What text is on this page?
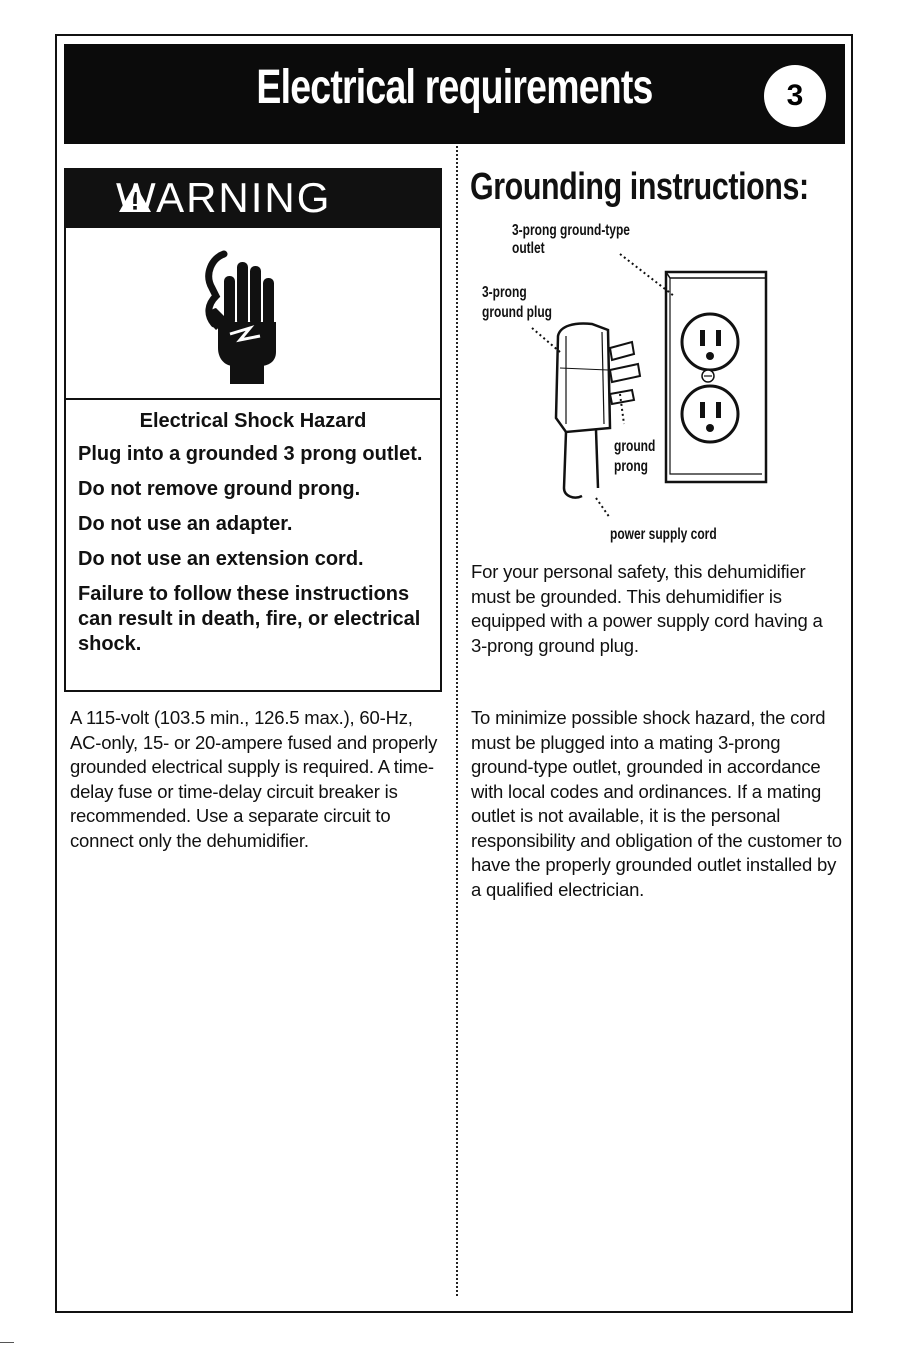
Electrical requirements	3
WARNING
Electrical Shock Hazard

Plug into a grounded 3 prong outlet.

Do not remove ground prong.

Do not use an adapter.

Do not use an extension cord.

Failure to follow these instructions can result in death, fire, or electrical shock.

A 115-volt (103.5 min., 126.5 max.), 60-Hz, AC-only, 15- or 20-ampere fused and properly grounded electrical supply is required. A time-delay fuse or time-delay circuit breaker is recommended. Use a separate circuit to connect only the dehumidifier.

Grounding instructions:
3-prong ground-type
outlet
3-prong
ground plug
ground
prong
power supply cord

For your personal safety, this dehumidifier must be grounded. This dehumidifier is equipped with a power supply cord having a 3-prong ground plug.

To minimize possible shock hazard, the cord must be plugged into a mating 3-prong ground-type outlet, grounded in accordance with local codes and ordinances. If a mating outlet is not available, it is the personal responsibility and obligation of the customer to have the properly grounded outlet installed by a qualified electrician.
